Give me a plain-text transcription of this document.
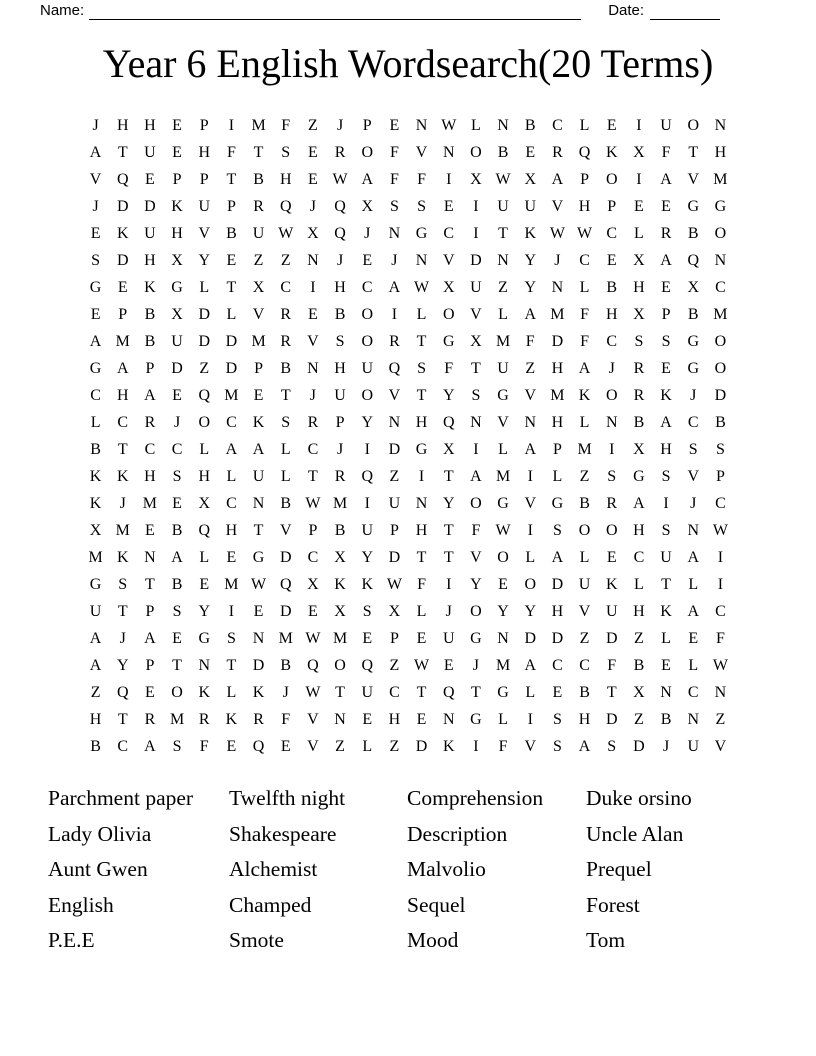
Name:	Date:
Year 6 English Wordsearch(20 Terms)
J	H H	E	P	I	M F	Z	J	P	E	N W L	N	B	C	L	E	I	U O N
A	T	U	E	H	F	T	S	E	R	O	F	V N O	B	E	R	Q K X	F	T	H
V Q	E	P	P	T	B	H	E W A	F	F	I	X W X A	P	O	I	A V M
J	D D K U	P	R	Q	J	Q X	S	S	E	I	U U V H	P	E	E	G G
E	K U H V	B	U W X Q	J	N G	C	I	T	K W W C	L	R	B	O
S	D H X Y	E	Z	Z	N	J	E	J	N V D N Y	J	C	E	X A Q N
G	E	K G	L	T	X	C	I	H	C	A W X U	Z	Y N	L	B	H	E	X	C
E	P	B	X D	L	V	R	E	B	O	I	L	O V	L	A M F	H X	P	B M
A M B	U D D M R	V	S	O	R	T	G X M F	D	F	C	S	S	G O
G A	P	D	Z	D	P	B	N H U Q	S	F	T	U	Z	H A	J	R	E	G O
C	H A	E	Q M E	T	J	U O V	T	Y	S	G V M K O	R	K	J	D
L	C	R	J	O	C	K	S	R	P	Y N H Q N V N H	L	N	B	A	C	B
B	T	C	C	L	A A	L	C	J	I	D G X	I	L	A	P M	I	X H	S	S
K K H	S	H	L	U	L	T	R	Q	Z	I	T	A M	I	L	Z	S	G	S	V	P
K	J	M E	X	C	N	B W M	I	U N Y O G V G	B	R	A	I	J	C
X M E	B	Q H	T	V	P	B	U	P	H	T	F W	I	S	O O H	S	N W
M K N A	L	E	G D	C	X Y D	T	T	V O	L	A	L	E	C	U A	I
G	S	T	B	E M W Q X K K W F	I	Y	E	O D U K	L	T	L	I
U	T	P	S	Y	I	E	D	E	X	S	X	L	J	O Y Y H V U H K A	C
A	J	A	E	G	S	N M W M E	P	E	U G N D D	Z	D	Z	L	E	F
A Y	P	T	N	T	D	B	Q O Q	Z W E	J	M A	C	C	F	B	E	L W
Z	Q	E	O K	L	K	J	W T	U	C	T	Q	T	G	L	E	B	T	X N	C	N
H	T	R M R	K	R	F	V N	E	H	E	N G	L	I	S	H D	Z	B	N	Z
B	C	A	S	F	E	Q	E	V	Z	L	Z	D K	I	F	V	S	A	S	D	J	U V
Parchment paper
Lady Olivia
Aunt Gwen
English
P.E.E
Twelfth night
Shakespeare
Alchemist
Champed
Smote
Comprehension
Description
Malvolio
Sequel
Mood
Duke orsino
Uncle Alan
Prequel
Forest
Tom
